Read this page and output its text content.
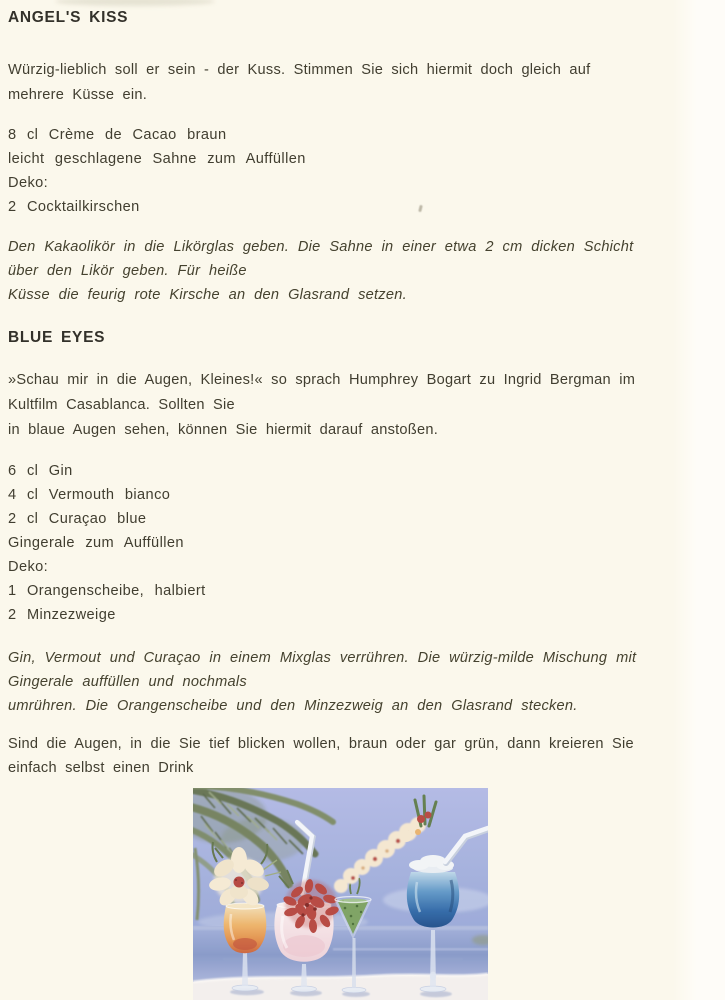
ANGEL'S KISS
Würzig-lieblich soll er sein - der Kuss. Stimmen Sie sich hiermit doch gleich auf
mehrere Küsse ein.
8 cl Crème de Cacao braun
leicht geschlagene Sahne zum Auffüllen
Deko:
2 Cocktailkirschen
Den Kakaolikör in die Likörglas geben. Die Sahne in einer etwa 2 cm dicken Schicht
über den Likör geben. Für heiße
Küsse die feurig rote Kirsche an den Glasrand setzen.
BLUE EYES
»Schau mir in die Augen, Kleines!« so sprach Humphrey Bogart zu Ingrid Bergman im
Kultfilm Casablanca. Sollten Sie
in blaue Augen sehen, können Sie hiermit darauf anstoßen.
6 cl Gin
4 cl Vermouth bianco
2 cl Curaçao blue
Gingerale zum Auffüllen
Deko:
1 Orangenscheibe, halbiert
2 Minzezweige
Gin, Vermout und Curaçao in einem Mixglas verrühren. Die würzig-milde Mischung mit
Gingerale auffüllen und nochmals
umrühren. Die Orangenscheibe und den Minzezweig an den Glasrand stecken.
Sind die Augen, in die Sie tief blicken wollen, braun oder gar grün, dann kreieren Sie
einfach selbst einen Drink
